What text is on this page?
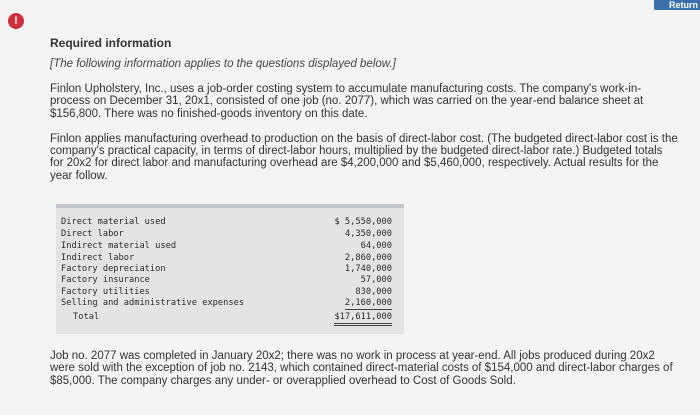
Return
!
Required information
[The following information applies to the questions displayed below.]
Finlon Upholstery, Inc., uses a job-order costing system to accumulate manufacturing costs. The company's work-in-process on December 31, 20x1, consisted of one job (no. 2077), which was carried on the year-end balance sheet at $156,800. There was no finished-goods inventory on this date.
Finlon applies manufacturing overhead to production on the basis of direct-labor cost. (The budgeted direct-labor cost is the company's practical capacity, in terms of direct-labor hours, multiplied by the budgeted direct-labor rate.) Budgeted totals for 20x2 for direct labor and manufacturing overhead are $4,200,000 and $5,460,000, respectively. Actual results for the year follow.
Direct material used	$ 5,550,000
Direct labor	4,350,000
Indirect material used	64,000
Indirect labor	2,860,000
Factory depreciation	1,740,000
Factory insurance	57,000
Factory utilities	830,000
Selling and administrative expenses	2,160,000
Total	$17,611,000
Job no. 2077 was completed in January 20x2; there was no work in process at year-end. All jobs produced during 20x2 were sold with the exception of job no. 2143, which contained direct-material costs of $154,000 and direct-labor charges of $85,000. The company charges any under- or overapplied overhead to Cost of Goods Sold.
